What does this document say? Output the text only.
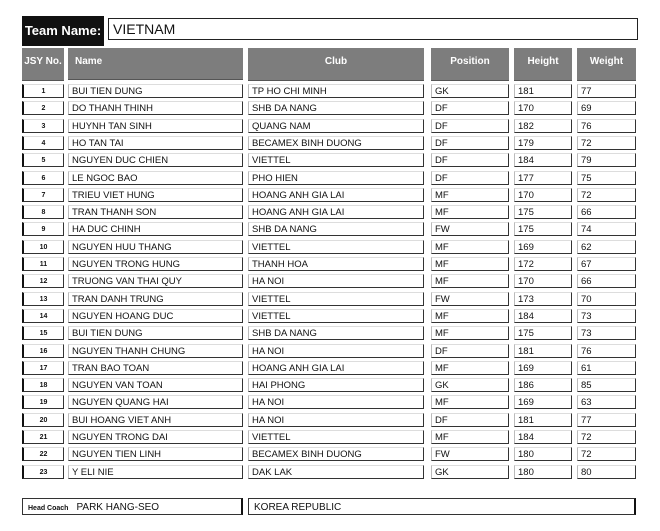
Team Name: VIETNAM
JSY No.	Name	Club	Position	Height	Weight
1	BUI TIEN DUNG	TP HO CHI MINH	GK	181	77
2	DO THANH THINH	SHB DA NANG	DF	170	69
3	HUYNH TAN SINH	QUANG NAM	DF	182	76
4	HO TAN TAI	BECAMEX BINH DUONG	DF	179	72
5	NGUYEN DUC CHIEN	VIETTEL	DF	184	79
6	LE NGOC BAO	PHO HIEN	DF	177	75
7	TRIEU VIET HUNG	HOANG ANH GIA LAI	MF	170	72
8	TRAN THANH SON	HOANG ANH GIA LAI	MF	175	66
9	HA DUC CHINH	SHB DA NANG	FW	175	74
10	NGUYEN HUU THANG	VIETTEL	MF	169	62
11	NGUYEN TRONG HUNG	THANH HOA	MF	172	67
12	TRUONG VAN THAI QUY	HA NOI	MF	170	66
13	TRAN DANH TRUNG	VIETTEL	FW	173	70
14	NGUYEN HOANG DUC	VIETTEL	MF	184	73
15	BUI TIEN DUNG	SHB DA NANG	MF	175	73
16	NGUYEN THANH CHUNG	HA NOI	DF	181	76
17	TRAN BAO TOAN	HOANG ANH GIA LAI	MF	169	61
18	NGUYEN VAN TOAN	HAI PHONG	GK	186	85
19	NGUYEN QUANG HAI	HA NOI	MF	169	63
20	BUI HOANG VIET ANH	HA NOI	DF	181	77
21	NGUYEN TRONG DAI	VIETTEL	MF	184	72
22	NGUYEN TIEN LINH	BECAMEX BINH DUONG	FW	180	72
23	Y ELI NIE	DAK LAK	GK	180	80
Head Coach PARK HANG-SEO	KOREA REPUBLIC
